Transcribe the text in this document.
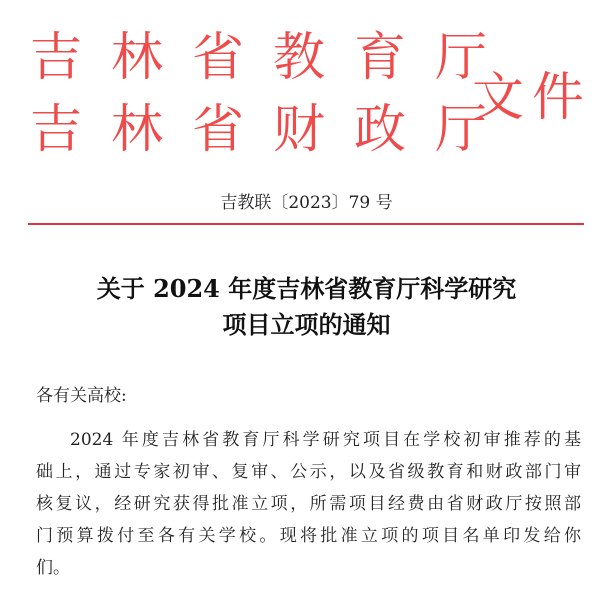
吉林省教育厅
吉林省财政厅
文件
吉教联〔2023〕79 号
关于 2024 年度吉林省教育厅科学研究
项目立项的通知
各有关高校:
2024 年度吉林省教育厅科学研究项目在学校初审推荐的基
础上，通过专家初审、复审、公示，以及省级教育和财政部门审
核复议，经研究获得批准立项，所需项目经费由省财政厅按照部
门预算拨付至各有关学校。现将批准立项的项目名单印发给你
们。
